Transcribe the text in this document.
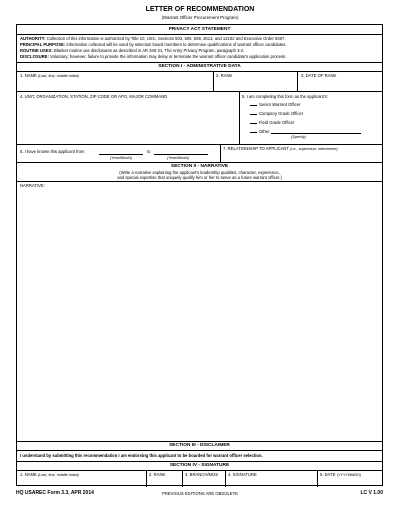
LETTER OF RECOMMENDATION
(Warrant Officer Procurement Program)
PRIVACY ACT STATEMENT
AUTHORITY: Collection of this information is authorized by Title 10, USC, Sections 503, 505, 508, 3013, and 12102 and Executive Order 9397.
PRINCIPAL PURPOSE: Information collected will be used by selection board members to determine qualifications of warrant officer candidates.
ROUTINE USES: Blanket routine use disclosures as described in AR 340-21, The Army Privacy Program, paragraph 3-2.
DISCLOSURE: Voluntary; however, failure to provide the information may delay or terminate the warrant officer candidate's application process.
SECTION I - ADMINISTRATIVE DATA
1. NAME (Last, first, middle initial)	2. RANK	3. DATE OF RANK
4. UNIT, ORGANIZATION, STATION, ZIP CODE OR APO, MAJOR COMMAND	5. I am completing this form as the applicant's:
Senior Warrant Officer
Company Grade Officer
Field Grade Officer
Other
(Specify)
6. I have known this applicant from	to
(Year/Month)	(Year/Month)
7. RELATIONSHIP TO APPLICANT (i.e., supervisor, interviewer)
SECTION II - NARRATIVE
(Write a narrative explaining the applicant's leadership qualities, character, experience,
and special expertise that uniquely qualify him or her to serve as a future warrant officer.)
NARRATIVE:
SECTION III - DISCLAIMER
I understand by submitting this recommendation I am endorsing this applicant to be boarded for warrant officer selection.
SECTION IV - SIGNATURE
1. NAME (Last, first, middle initial)	2. RANK	3. BRANCH/MOS 4. SIGNATURE	5. DATE (YYYYMMDD)
HQ USAREC Form 3.3, APR 2014	PREVIOUS EDITIONS ARE OBSOLETE	LC V 1.00
